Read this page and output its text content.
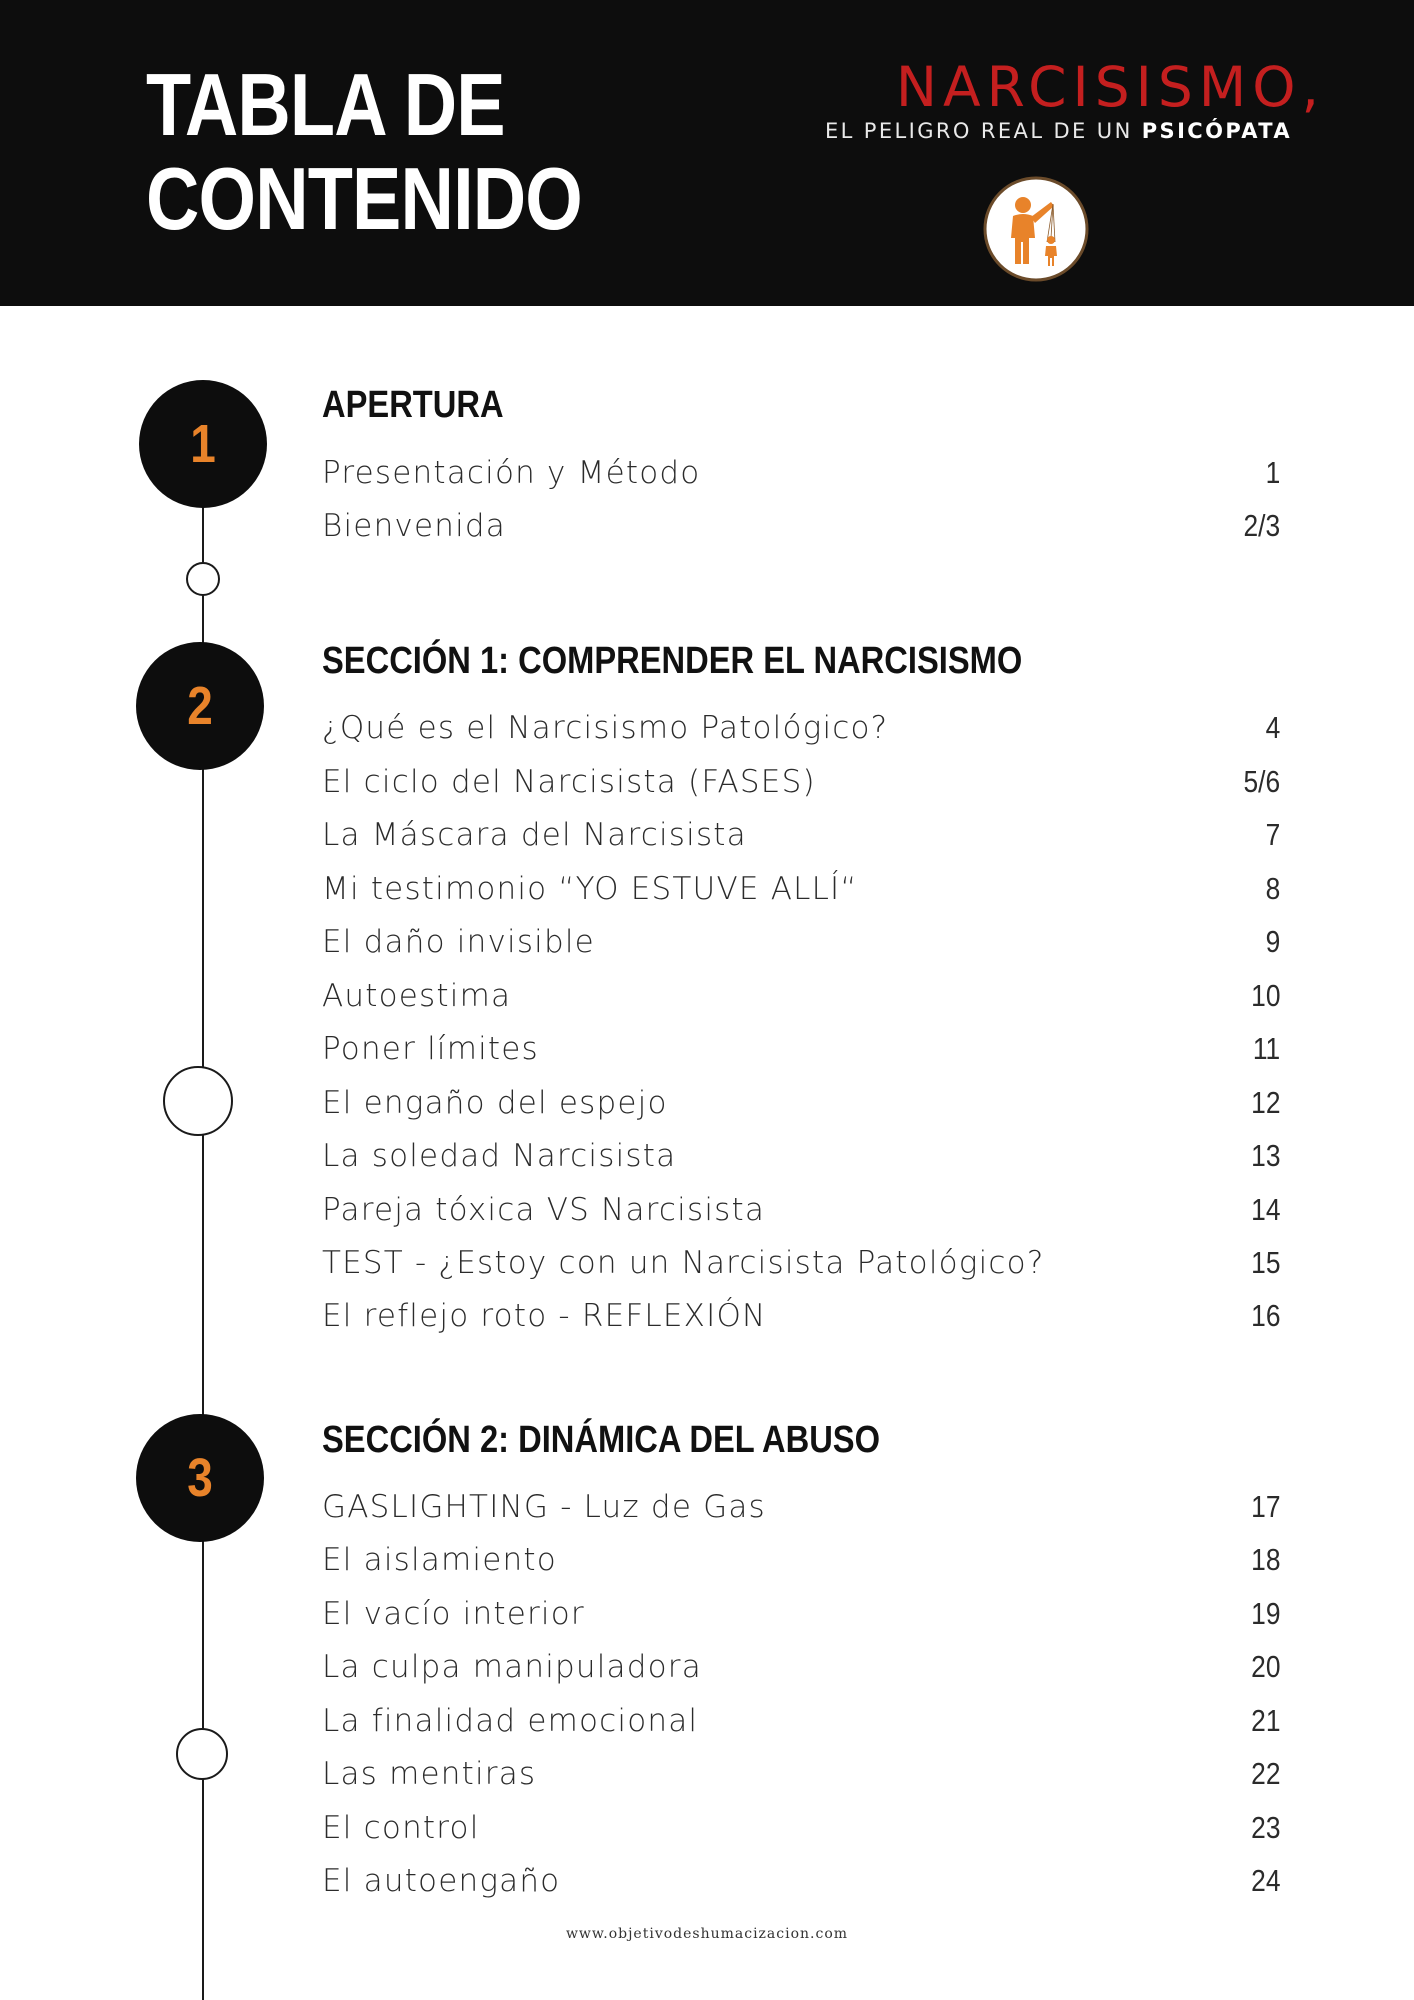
TABLA DE
CONTENIDO
NARCISISMO,
EL PELIGRO REAL DE UN PSICÓPATA
1
2
3
APERTURA
Presentación y Método	1
Bienvenida	2/3
SECCIÓN 1: COMPRENDER EL NARCISISMO
¿Qué es el Narcisismo Patológico?	4
El ciclo del Narcisista (FASES)	5/6
La Máscara del Narcisista	7
Mi testimonio “YO ESTUVE ALLÍ“	8
El daño invisible	9
Autoestima	10
Poner límites	11
El engaño del espejo	12
La soledad Narcisista	13
Pareja tóxica VS Narcisista	14
TEST - ¿Estoy con un Narcisista Patológico?	15
El reflejo roto - REFLEXIÓN	16
SECCIÓN 2: DINÁMICA DEL ABUSO
GASLIGHTING - Luz de Gas	17
El aislamiento	18
El vacío interior	19
La culpa manipuladora	20
La finalidad emocional	21
Las mentiras	22
El control	23
El autoengaño	24
www.objetivodeshumacizacion.com
